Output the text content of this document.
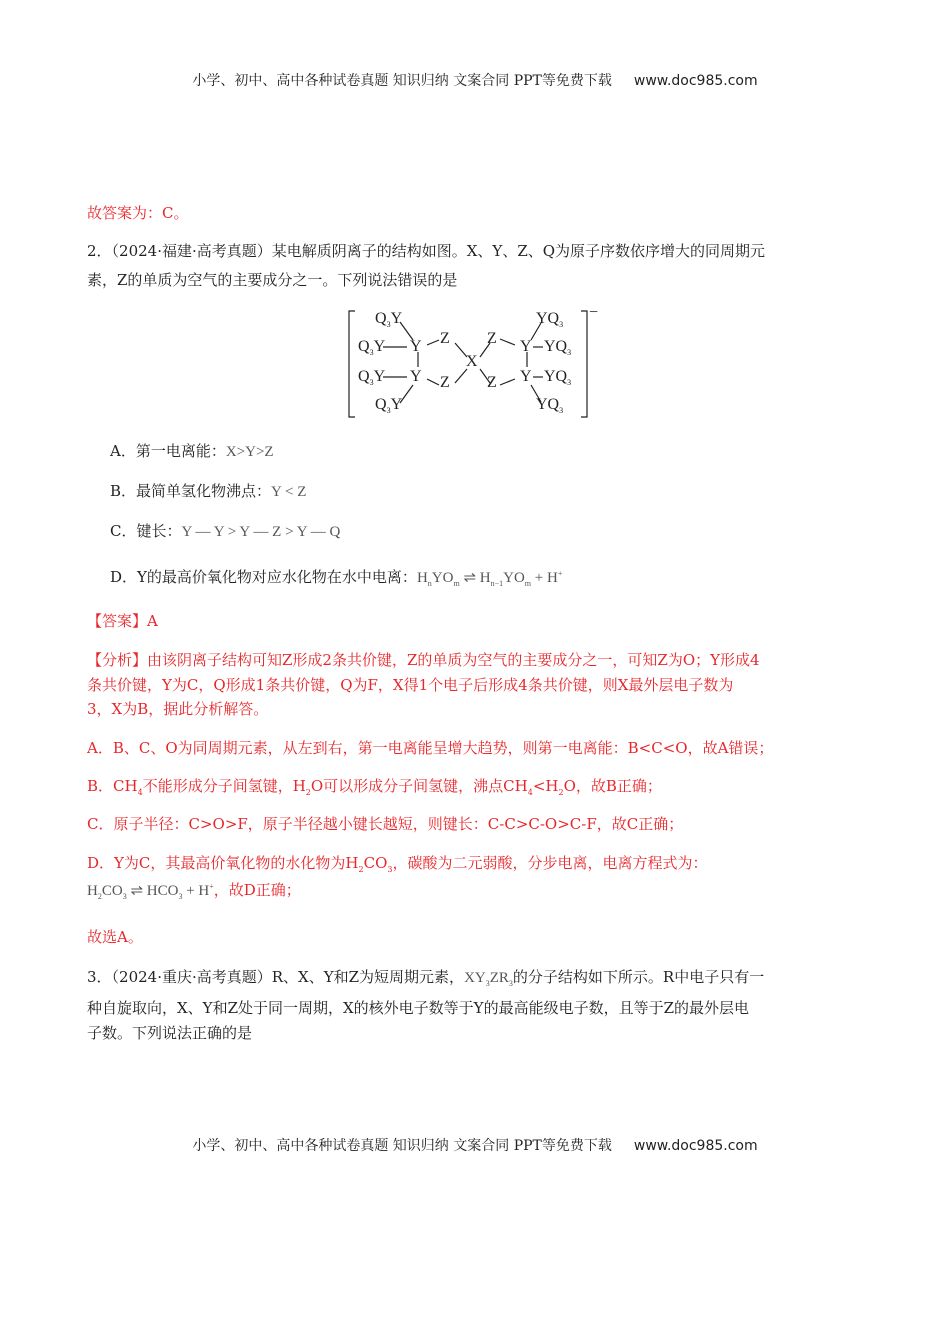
小学、初中、高中各种试卷真题 知识归纳 文案合同 PPT等免费下载 www.doc985.com
故答案为：C。
2．（2024·福建·高考真题）某电解质阴离子的结构如图。X、Y、Z、Q为原子序数依序增大的同周期元
素，Z的单质为空气的主要成分之一。下列说法错误的是
−
$Q_3Y$
$Q_3Y$
$Q_3Y$
$Q_3Y$
Y
Y
Z
Z
X
Z
Z
Y
Y
$YQ_3$
$YQ_3$
$YQ_3$
$YQ_3$
A．第一电离能：X>Y>Z
B．最简单氢化物沸点：Y < Z
C．键长：Y — Y > Y — Z > Y — Q
D．Y的最高价氧化物对应水化物在水中电离：$H_nYO_m$ ⇌ $H_{n-1}YO_m + H^+$
【答案】A
【分析】由该阴离子结构可知Z形成2条共价键，Z的单质为空气的主要成分之一，可知Z为O；Y形成4
条共价键，Y为C，Q形成1条共价键，Q为F，X得1个电子后形成4条共价键，则X最外层电子数为
3，X为B，据此分析解答。
A．B、C、O为同周期元素，从左到右，第一电离能呈增大趋势，则第一电离能：B<C<O，故A错误；
B．$CH_4$不能形成分子间氢键，$H_2O$可以形成分子间氢键，沸点$CH_4<H_2O$，故B正确；
C．原子半径：C>O>F，原子半径越小键长越短，则键长：C-C>C-O>C-F，故C正确；
D．Y为C，其最高价氧化物的水化物为$H_2CO_3$，碳酸为二元弱酸，分步电离，电离方程式为：
$H_2CO_3$ ⇌ $HCO_3 + H^+$，故D正确；
故选A。
3．（2024·重庆·高考真题）R、X、Y和Z为短周期元素，$XY_3ZR_3$的分子结构如下所示。R中电子只有一
种自旋取向，X、Y和Z处于同一周期，X的核外电子数等于Y的最高能级电子数，且等于Z的最外层电
子数。下列说法正确的是
小学、初中、高中各种试卷真题 知识归纳 文案合同 PPT等免费下载 www.doc985.com
